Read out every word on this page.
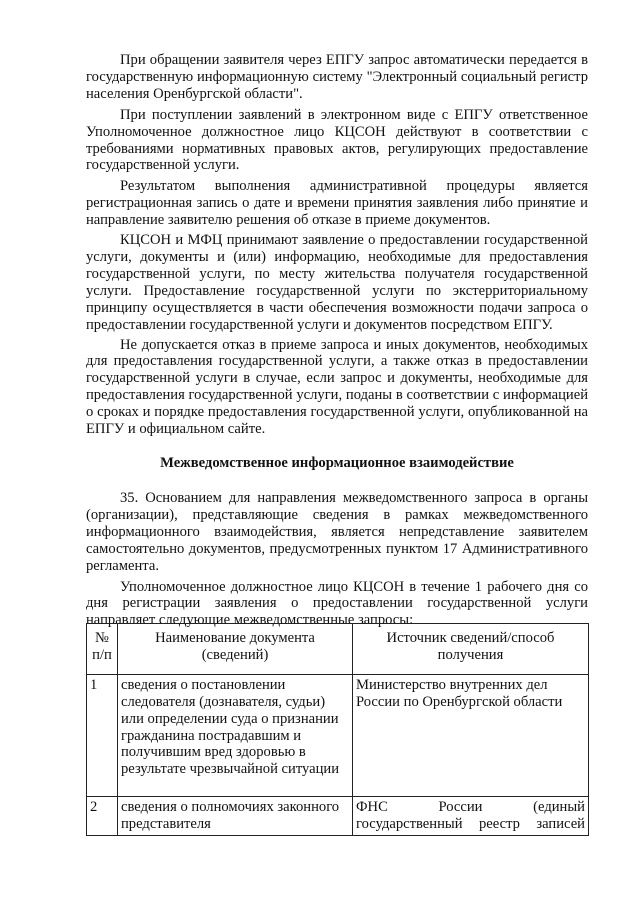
При обращении заявителя через ЕПГУ запрос автоматически передается в государственную информационную систему "Электронный социальный регистр населения Оренбургской области".

При поступлении заявлений в электронном виде с ЕПГУ ответственное Уполномоченное должностное лицо КЦСОН действуют в соответствии с требованиями нормативных правовых актов, регулирующих предоставление государственной услуги.

Результатом выполнения административной процедуры является регистрационная запись о дате и времени принятия заявления либо принятие и направление заявителю решения об отказе в приеме документов.

КЦСОН и МФЦ принимают заявление о предоставлении государственной услуги, документы и (или) информацию, необходимые для предоставления государственной услуги, по месту жительства получателя государственной услуги. Предоставление государственной услуги по экстерриториальному принципу осуществляется в части обеспечения возможности подачи запроса о предоставлении государственной услуги и документов посредством ЕПГУ.

Не допускается отказ в приеме запроса и иных документов, необходимых для предоставления государственной услуги, а также отказ в предоставлении государственной услуги в случае, если запрос и документы, необходимые для предоставления государственной услуги, поданы в соответствии с информацией о сроках и порядке предоставления государственной услуги, опубликованной на ЕПГУ и официальном сайте.

Межведомственное информационное взаимодействие

35. Основанием для направления межведомственного запроса в органы (организации), представляющие сведения в рамках межведомственного информационного взаимодействия, является непредставление заявителем самостоятельно документов, предусмотренных пунктом 17 Административного регламента.

Уполномоченное должностное лицо КЦСОН в течение 1 рабочего дня со дня регистрации заявления о предоставлении государственной услуги направляет следующие межведомственные запросы:

№ п/п	Наименование документа (сведений)	Источник сведений/способ получения
1	сведения о постановлении следователя (дознавателя, судьи) или определении суда о признании гражданина пострадавшим и получившим вред здоровью в результате чрезвычайной ситуации	Министерство внутренних дел России по Оренбургской области
2	сведения о полномочиях законного представителя	ФНС России (единый государственный реестр записей
